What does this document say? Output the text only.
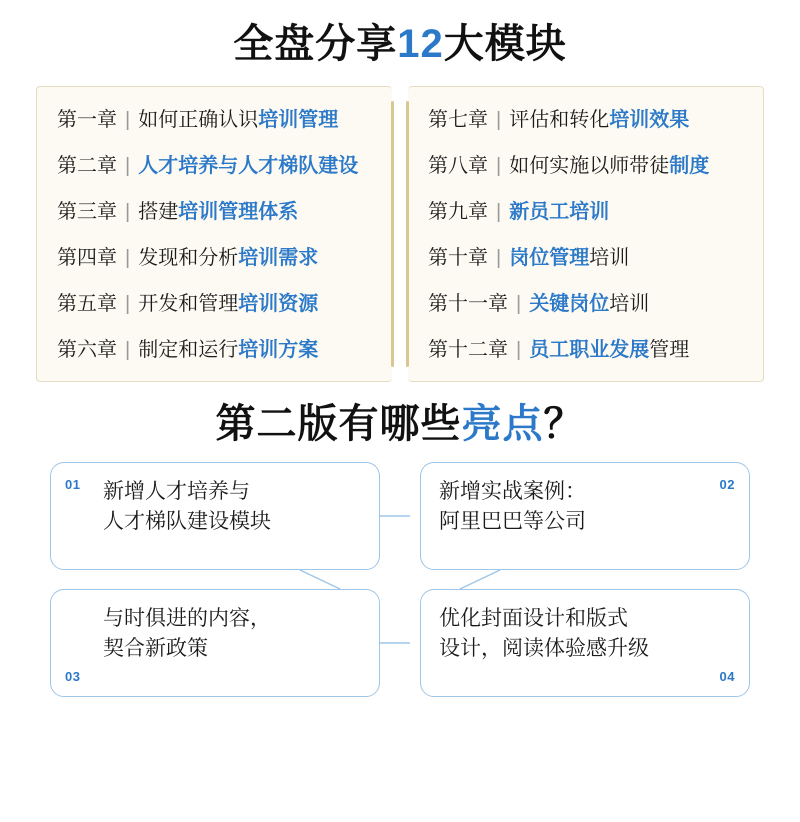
全盘分享12大模块
第一章 | 如何正确认识 培训管理
第二章 | 人才培养与人才梯队建设
第三章 | 搭建 培训管理体系
第四章 | 发现和分析 培训需求
第五章 | 开发和管理 培训资源
第六章 | 制定和运行 培训方案
第七章 | 评估和转化 培训效果
第八章 | 如何实施以师带徒 制度
第九章 | 新员工培训
第十章 | 岗位管理 培训
第十一章 | 关键岗位 培训
第十二章 | 员工职业发展 管理
第二版有哪些亮点？
01 新增人才培养与
人才梯队建设模块
02
新增实战案例：
阿里巴巴等公司
03
与时俱进的内容，
契合新政策
04
优化封面设计和版式
设计，阅读体验感升级
